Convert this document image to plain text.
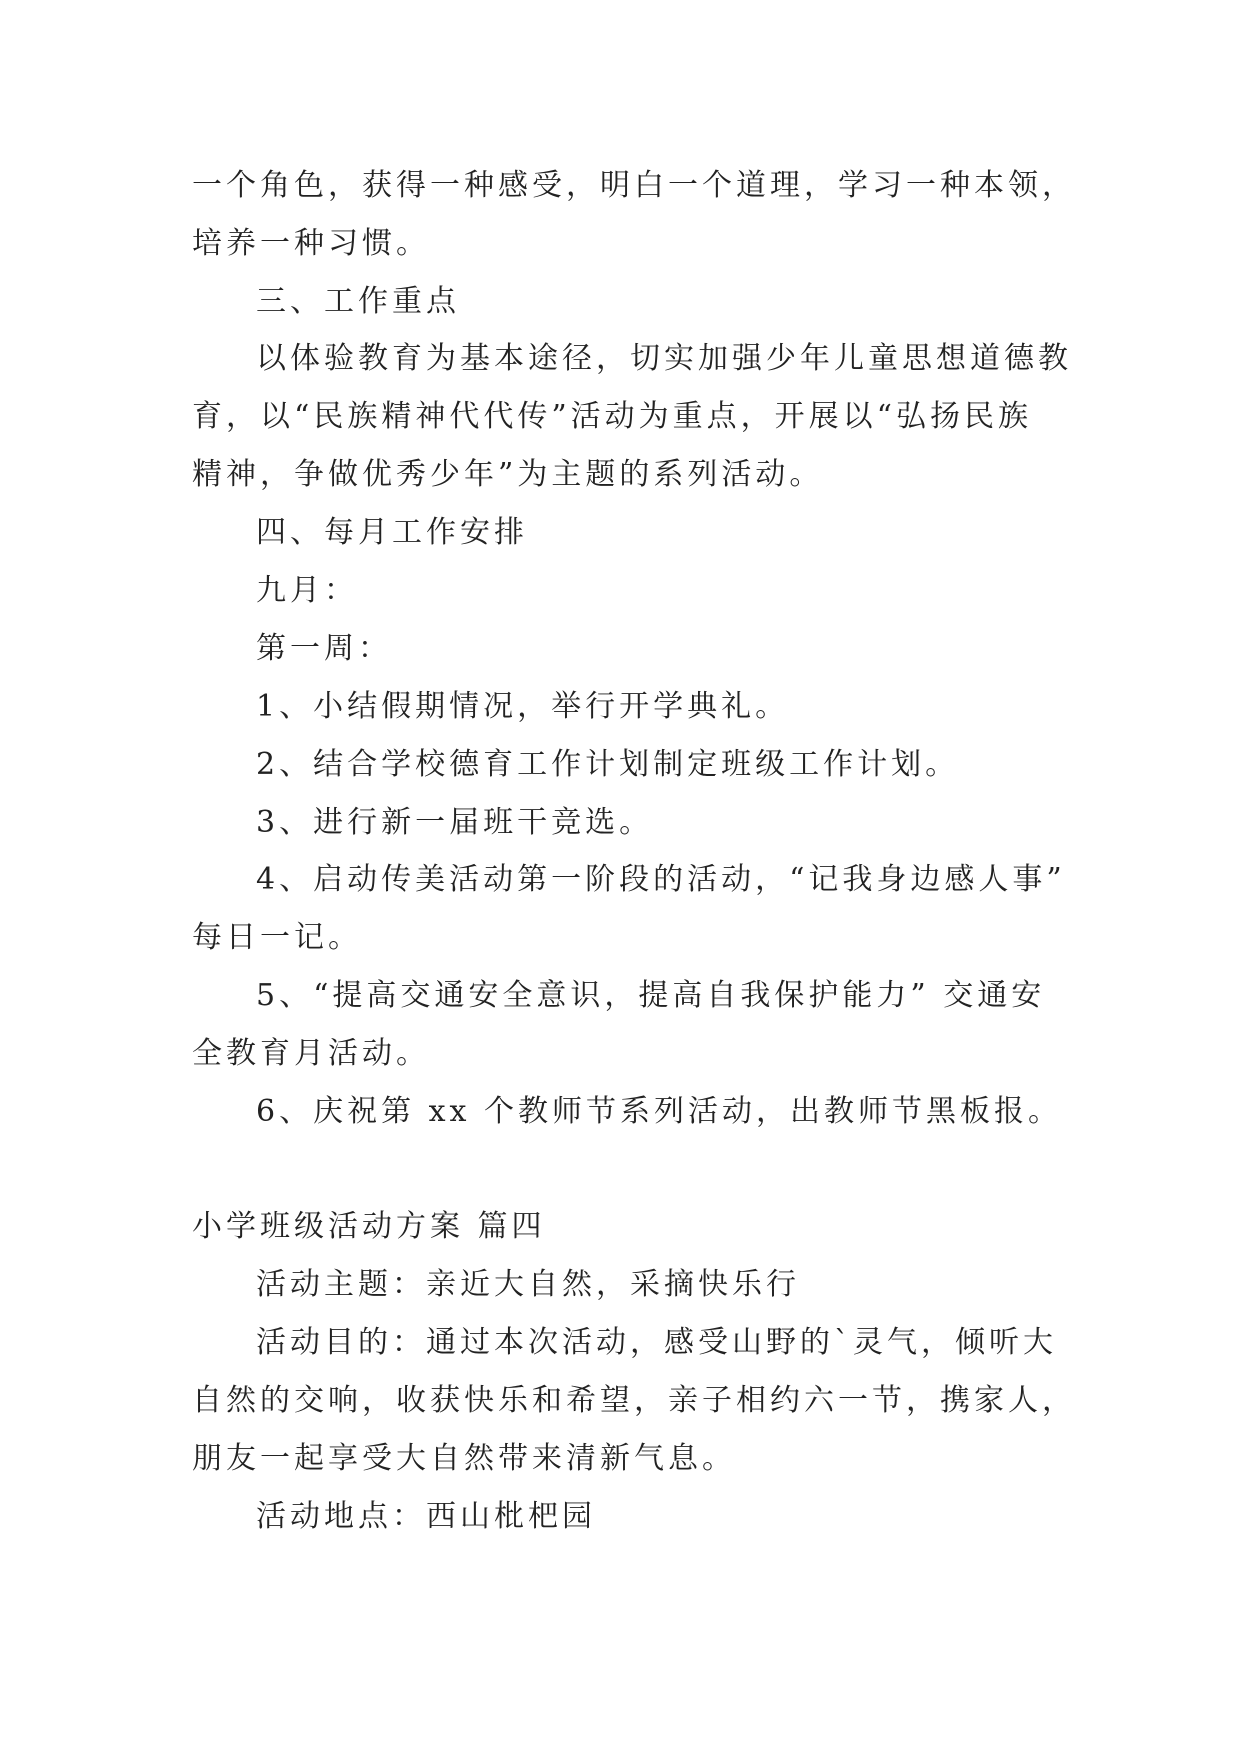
一个角色，获得一种感受，明白一个道理，学习一种本领，
培养一种习惯。
三、工作重点
以体验教育为基本途径，切实加强少年儿童思想道德教
育，以“民族精神代代传”活动为重点，开展以“弘扬民族
精神，争做优秀少年”为主题的系列活动。
四、每月工作安排
九月：
第一周：
1、小结假期情况，举行开学典礼。
2、结合学校德育工作计划制定班级工作计划。
3、进行新一届班干竞选。
4、启动传美活动第一阶段的活动，“记我身边感人事”
每日一记。
5、“提高交通安全意识，提高自我保护能力” 交通安
全教育月活动。
6、庆祝第 xx 个教师节系列活动，出教师节黑板报。
小学班级活动方案 篇四
活动主题：亲近大自然，采摘快乐行
活动目的：通过本次活动，感受山野的`灵气，倾听大
自然的交响，收获快乐和希望，亲子相约六一节，携家人，
朋友一起享受大自然带来清新气息。
活动地点：西山枇杷园
